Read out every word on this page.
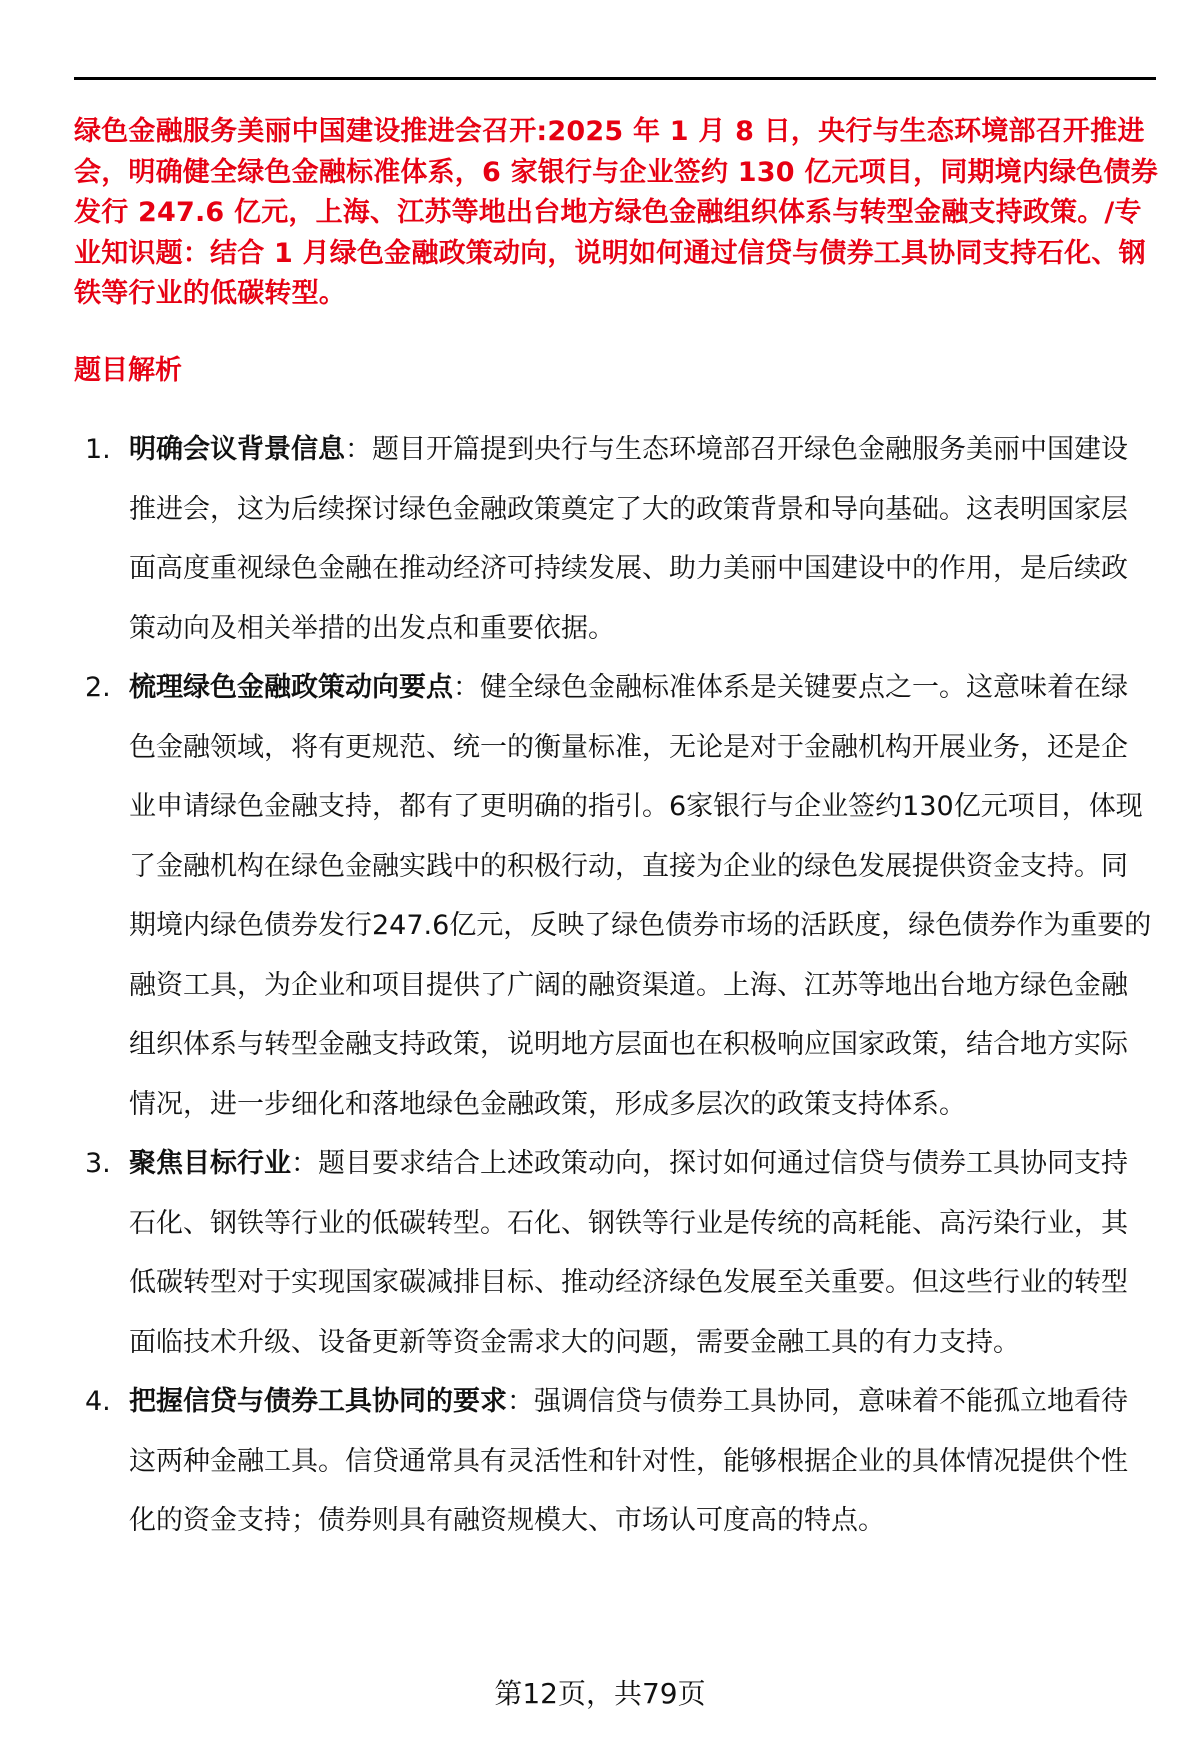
绿色金融服务美丽中国建设推进会召开:2025 年 1 月 8 日，央行与生态环境部召开推进会，明确健全绿色金融标准体系，6 家银行与企业签约 130 亿元项目，同期境内绿色债券发行 247.6 亿元，上海、江苏等地出台地方绿色金融组织体系与转型金融支持政策。/专业知识题：结合 1 月绿色金融政策动向，说明如何通过信贷与债券工具协同支持石化、钢铁等行业的低碳转型。
题目解析
1. 明确会议背景信息：题目开篇提到央行与生态环境部召开绿色金融服务美丽中国建设推进会，这为后续探讨绿色金融政策奠定了大的政策背景和导向基础。这表明国家层面高度重视绿色金融在推动经济可持续发展、助力美丽中国建设中的作用，是后续政策动向及相关举措的出发点和重要依据。
2. 梳理绿色金融政策动向要点：健全绿色金融标准体系是关键要点之一。这意味着在绿色金融领域，将有更规范、统一的衡量标准，无论是对于金融机构开展业务，还是企业申请绿色金融支持，都有了更明确的指引。6家银行与企业签约130亿元项目，体现了金融机构在绿色金融实践中的积极行动，直接为企业的绿色发展提供资金支持。同期境内绿色债券发行247.6亿元，反映了绿色债券市场的活跃度，绿色债券作为重要的融资工具，为企业和项目提供了广阔的融资渠道。上海、江苏等地出台地方绿色金融组织体系与转型金融支持政策，说明地方层面也在积极响应国家政策，结合地方实际情况，进一步细化和落地绿色金融政策，形成多层次的政策支持体系。
3. 聚焦目标行业：题目要求结合上述政策动向，探讨如何通过信贷与债券工具协同支持石化、钢铁等行业的低碳转型。石化、钢铁等行业是传统的高耗能、高污染行业，其低碳转型对于实现国家碳减排目标、推动经济绿色发展至关重要。但这些行业的转型面临技术升级、设备更新等资金需求大的问题，需要金融工具的有力支持。
4. 把握信贷与债券工具协同的要求：强调信贷与债券工具协同，意味着不能孤立地看待这两种金融工具。信贷通常具有灵活性和针对性，能够根据企业的具体情况提供个性化的资金支持；债券则具有融资规模大、市场认可度高的特点。
第12页，共79页
